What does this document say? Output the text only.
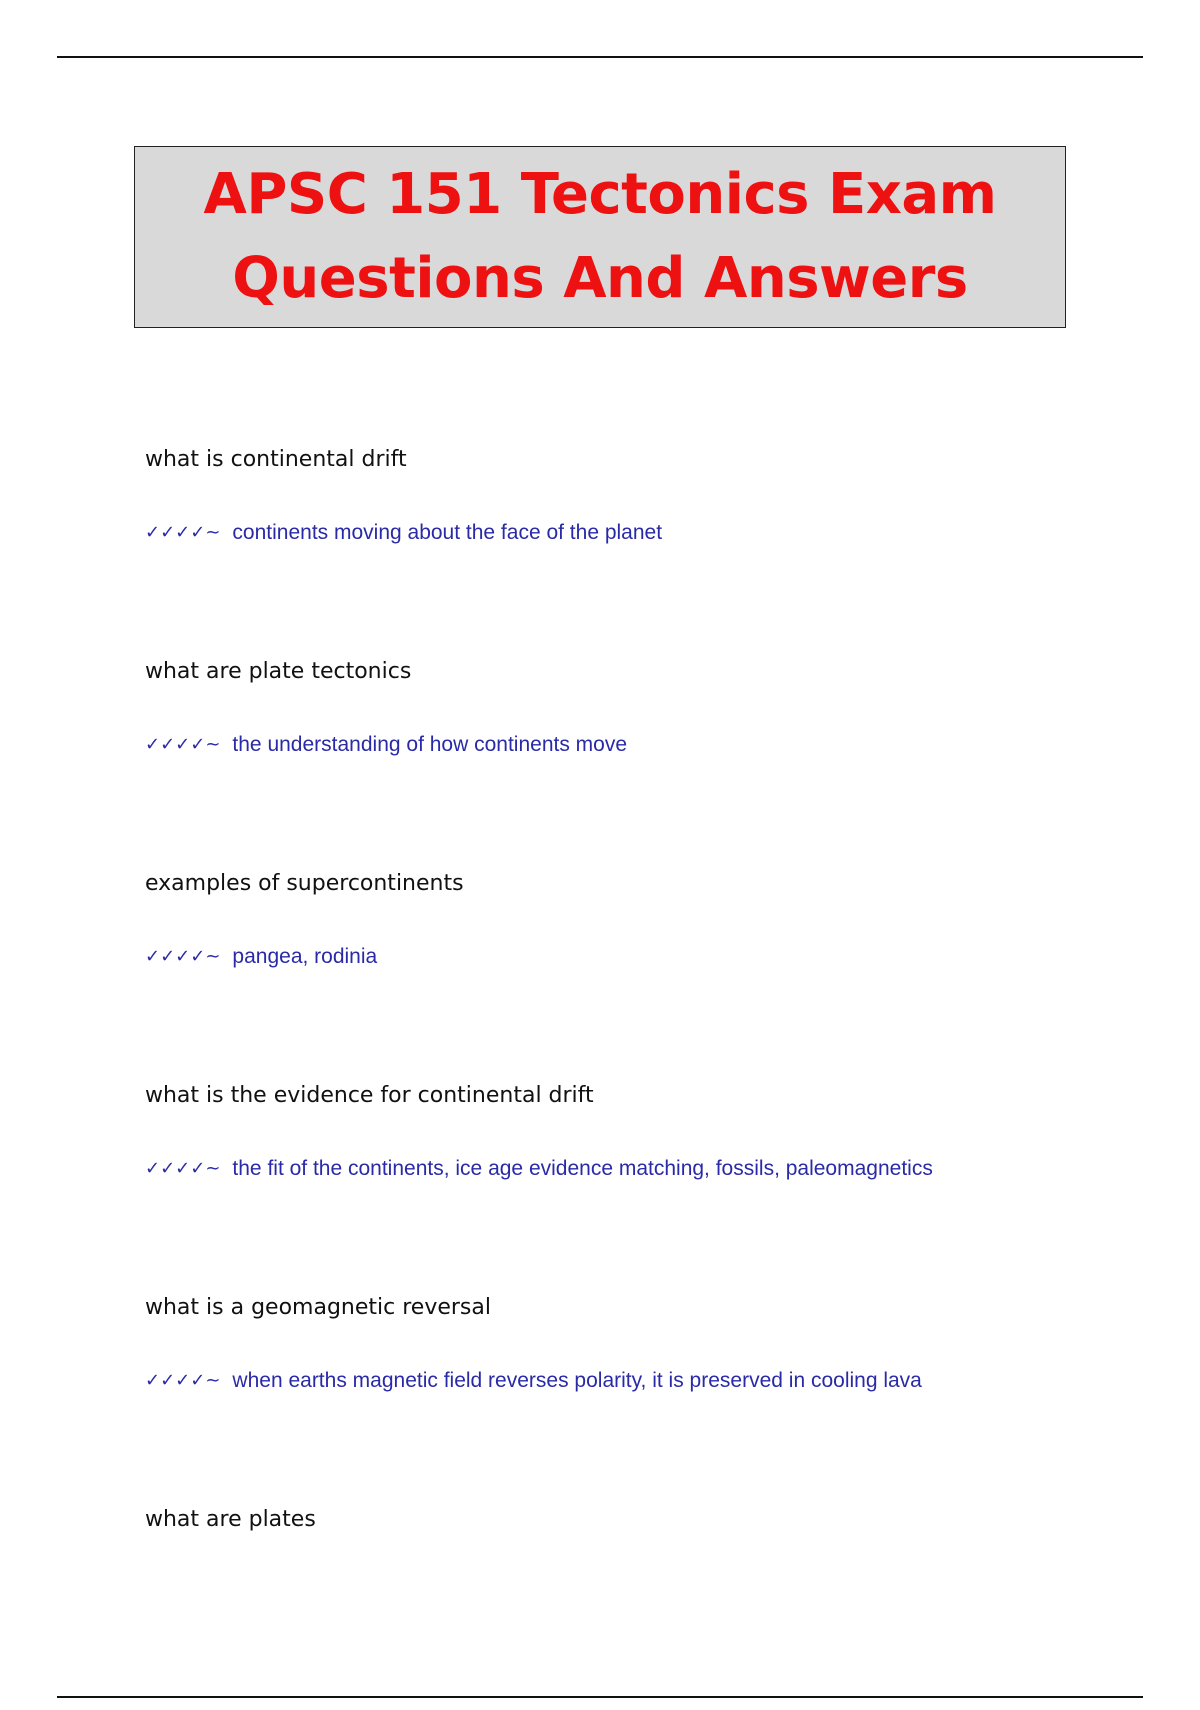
APSC 151 Tectonics Exam
Questions And Answers
what is continental drift
✓✓✓✓~ continents moving about the face of the planet
what are plate tectonics
✓✓✓✓~ the understanding of how continents move
examples of supercontinents
✓✓✓✓~ pangea, rodinia
what is the evidence for continental drift
✓✓✓✓~ the fit of the continents, ice age evidence matching, fossils, paleomagnetics
what is a geomagnetic reversal
✓✓✓✓~ when earths magnetic field reverses polarity, it is preserved in cooling lava
what are plates
